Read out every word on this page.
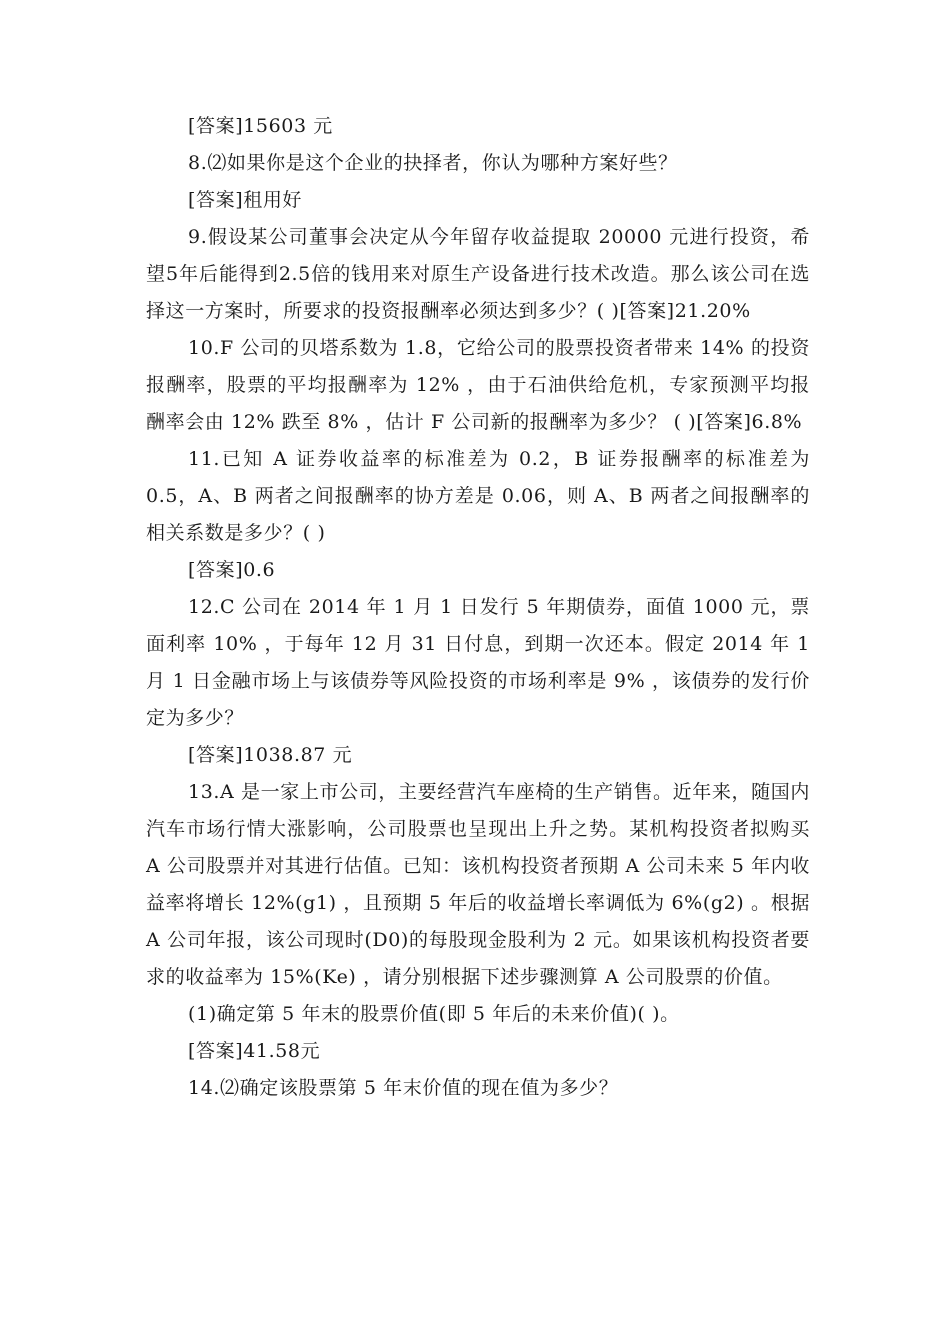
[答案]15603 元

8.⑵如果你是这个企业的抉择者，你认为哪种方案好些？

[答案]租用好

9.假设某公司董事会决定从今年留存收益提取 20000 元进行投资，希望5年后能得到2.5倍的钱用来对原生产设备进行技术改造。那么该公司在选择这一方案时，所要求的投资报酬率必须达到多少？( )[答案]21.20%

10.F 公司的贝塔系数为 1.8，它给公司的股票投资者带来 14% 的投资报酬率，股票的平均报酬率为 12% ，由于石油供给危机，专家预测平均报酬率会由 12% 跌至 8% ，估计 F 公司新的报酬率为多少？ ( )[答案]6.8%

11.已知 A 证券收益率的标准差为 0.2，B 证券报酬率的标准差为 0.5，A、B 两者之间报酬率的协方差是 0.06，则 A、B 两者之间报酬率的相关系数是多少？( )

[答案]0.6

12.C 公司在 2014 年 1 月 1 日发行 5 年期债券，面值 1000 元，票面利率 10% ，于每年 12 月 31 日付息，到期一次还本。假定 2014 年 1 月 1 日金融市场上与该债券等风险投资的市场利率是 9% ，该债券的发行价定为多少？

[答案]1038.87 元

13.A 是一家上市公司，主要经营汽车座椅的生产销售。近年来，随国内汽车市场行情大涨影响，公司股票也呈现出上升之势。某机构投资者拟购买 A 公司股票并对其进行估值。已知：该机构投资者预期 A 公司未来 5 年内收益率将增长 12%(g1) ，且预期 5 年后的收益增长率调低为 6%(g2) 。根据 A 公司年报，该公司现时(D0)的每股现金股利为 2 元。如果该机构投资者要求的收益率为 15%(Ke) ，请分别根据下述步骤测算 A 公司股票的价值。

(1)确定第 5 年末的股票价值(即 5 年后的未来价值)( )。

[答案]41.58元

14.⑵确定该股票第 5 年末价值的现在值为多少？
